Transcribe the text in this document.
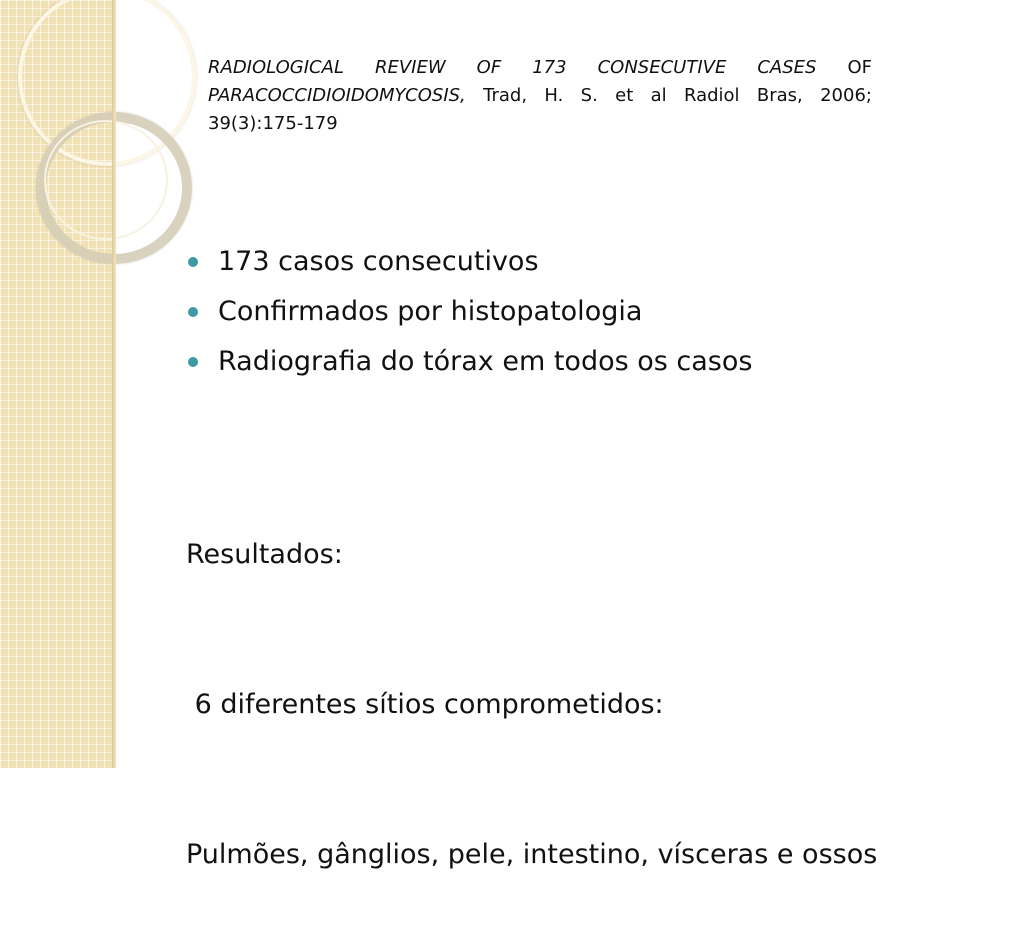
RADIOLOGICAL REVIEW OF 173 CONSECUTIVE CASES OF PARACOCCIDIOIDOMYCOSIS, Trad, H. S. et al Radiol Bras, 2006; 39(3):175-179
173 casos consecutivos
Confirmados por histopatologia
Radiografia do tórax em todos os casos

Resultados:

6 diferentes sítios comprometidos:

Pulmões, gânglios, pele, intestino, vísceras e ossos
